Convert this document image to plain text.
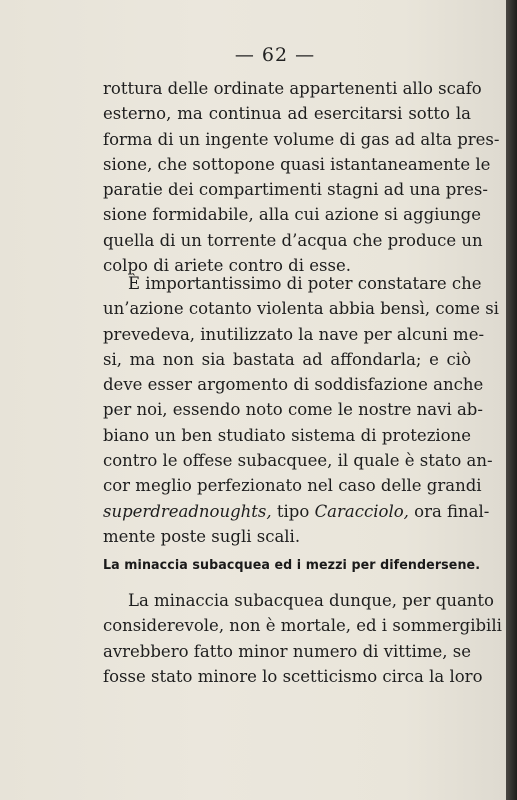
— 62 —
rottura delle ordinate appartenenti allo scafo
esterno, ma continua ad esercitarsi sotto la
forma di un ingente volume di gas ad alta pres-
sione, che sottopone quasi istantaneamente le
paratie dei compartimenti stagni ad una pres-
sione formidabile, alla cui azione si aggiunge
quella di un torrente d’acqua che produce un
colpo di ariete contro di esse.
È importantissimo di poter constatare che
un’azione cotanto violenta abbia bensì, come si
prevedeva, inutilizzato la nave per alcuni me-
si, ma non sia bastata ad affondarla; e ciò
deve esser argomento di soddisfazione anche
per noi, essendo noto come le nostre navi ab-
biano un ben studiato sistema di protezione
contro le offese subacquee, il quale è stato an-
cor meglio perfezionato nel caso delle grandi
superdreadnoughts, tipo Caracciolo, ora final-
mente poste sugli scali.
La minaccia subacquea ed i mezzi per difendersene.
La minaccia subacquea dunque, per quanto
considerevole, non è mortale, ed i sommergibili
avrebbero fatto minor numero di vittime, se
fosse stato minore lo scetticismo circa la loro
